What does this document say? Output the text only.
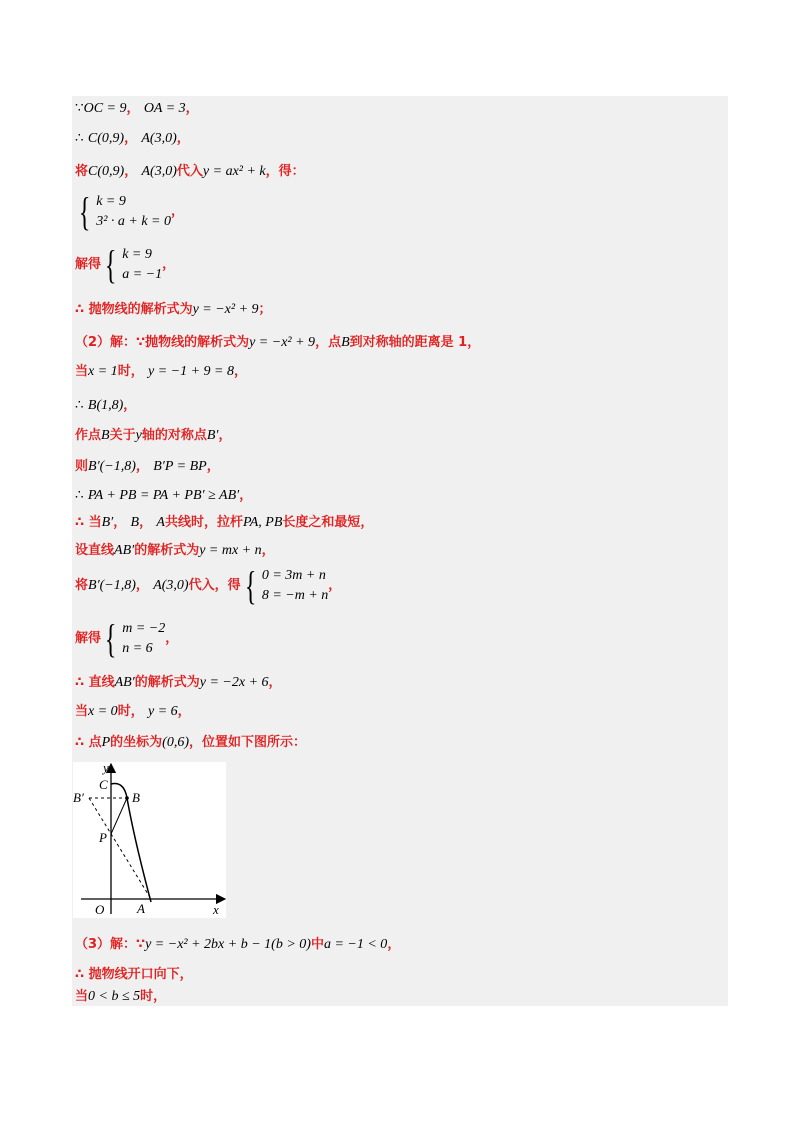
∵OC = 9， OA = 3，
∴ C(0,9)， A(3,0)，
将C(0,9)， A(3,0)代入y = ax² + k，得：
{ k = 9
3² · a + k = 0
，
解得 { k = 9
a = −1
，
∴ 抛物线的解析式为y = −x² + 9；
（2）解：∵抛物线的解析式为y = −x² + 9，点B到对称轴的距离是 1，
当x = 1时， y = −1 + 9 = 8，
∴ B(1,8)，
作点B关于y轴的对称点B′，
则B′(−1,8)， B′P = BP，
∴ PA + PB = PA + PB′ ≥ AB′，
∴ 当B′， B， A共线时，拉杆PA, PB长度之和最短，
设直线AB′的解析式为y = mx + n，
将 B′(−1,8) ，
A(3,0) 代入，得 { 0 = 3m + n
8 = −m + n
，
解得 { m = −2
n = 6
，
∴ 直线AB′的解析式为y = −2x + 6，
当x = 0时， y = 6，
∴ 点P的坐标为(0,6)，位置如下图所示：
y
x
O	A
B
B′
C
P
（3）解：∵y = −x² + 2bx + b − 1(b > 0)中a = −1 < 0，
∴ 抛物线开口向下，
当0 < b ≤ 5时，
